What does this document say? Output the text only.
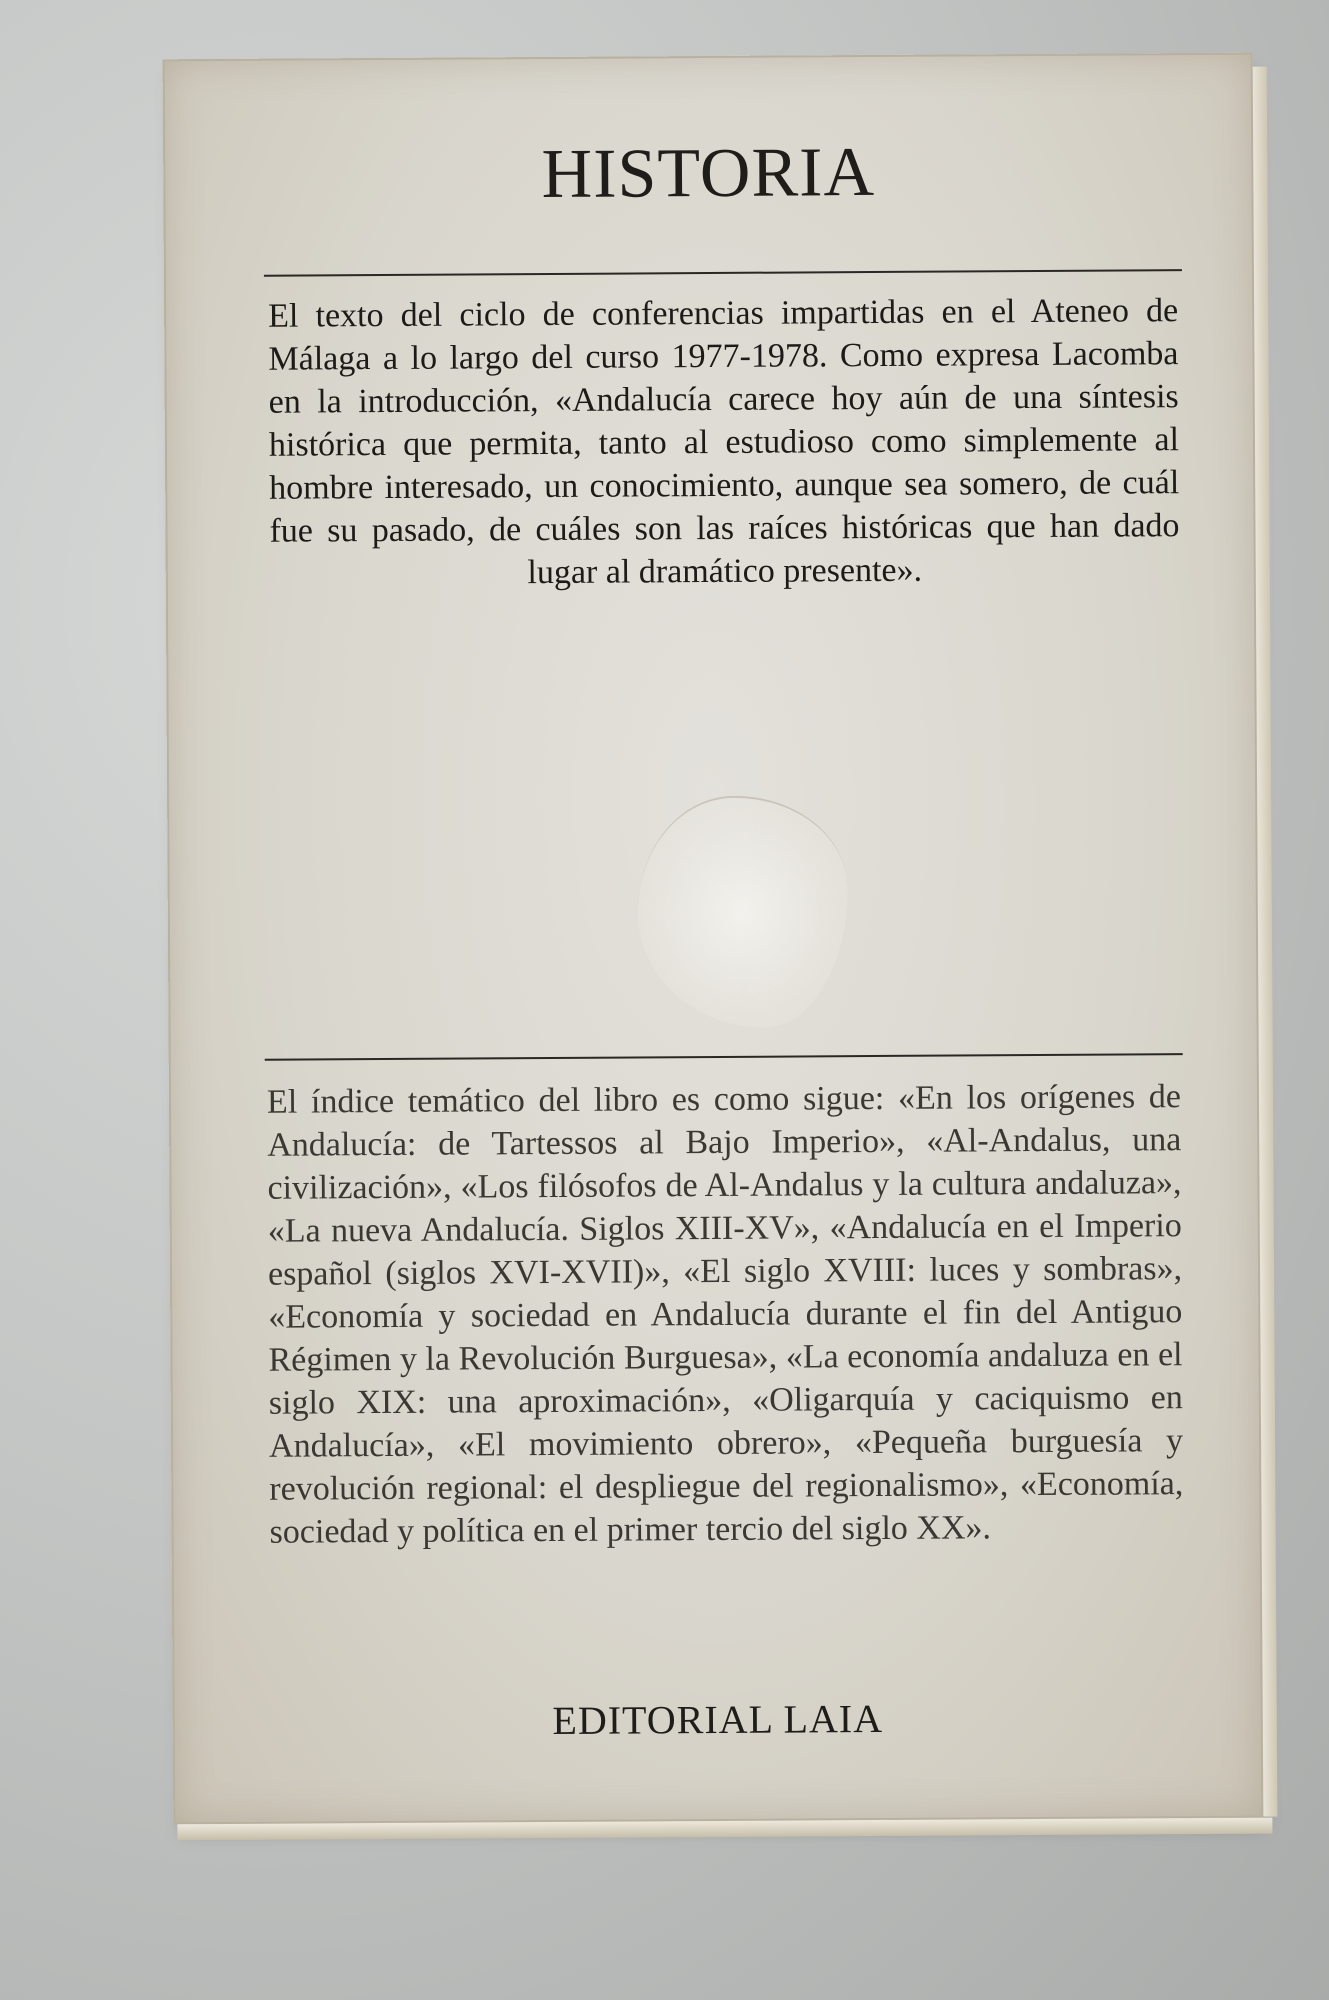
HISTORIA

El texto del ciclo de conferencias impartidas en el Ateneo de Málaga a lo largo del curso 1977-1978. Como expresa Lacomba en la introducción, «Andalucía carece hoy aún de una síntesis histórica que permita, tanto al estudioso como simplemente al hombre interesado, un conocimiento, aunque sea somero, de cuál fue su pasado, de cuáles son las raíces históricas que han dado lugar al dramático presente».

El índice temático del libro es como sigue: «En los orígenes de Andalucía: de Tartessos al Bajo Imperio», «Al-Andalus, una civilización», «Los filósofos de Al-Andalus y la cultura andaluza», «La nueva Andalucía. Siglos XIII-XV», «Andalucía en el Imperio español (siglos XVI-XVII)», «El siglo XVIII: luces y sombras», «Economía y sociedad en Andalucía durante el fin del Antiguo Régimen y la Revolución Burguesa», «La economía andaluza en el siglo XIX: una aproximación», «Oligarquía y caciquismo en Andalucía», «El movimiento obrero», «Pequeña burguesía y revolución regional: el despliegue del regionalismo», «Economía, sociedad y política en el primer tercio del siglo XX».

EDITORIAL LAIA
